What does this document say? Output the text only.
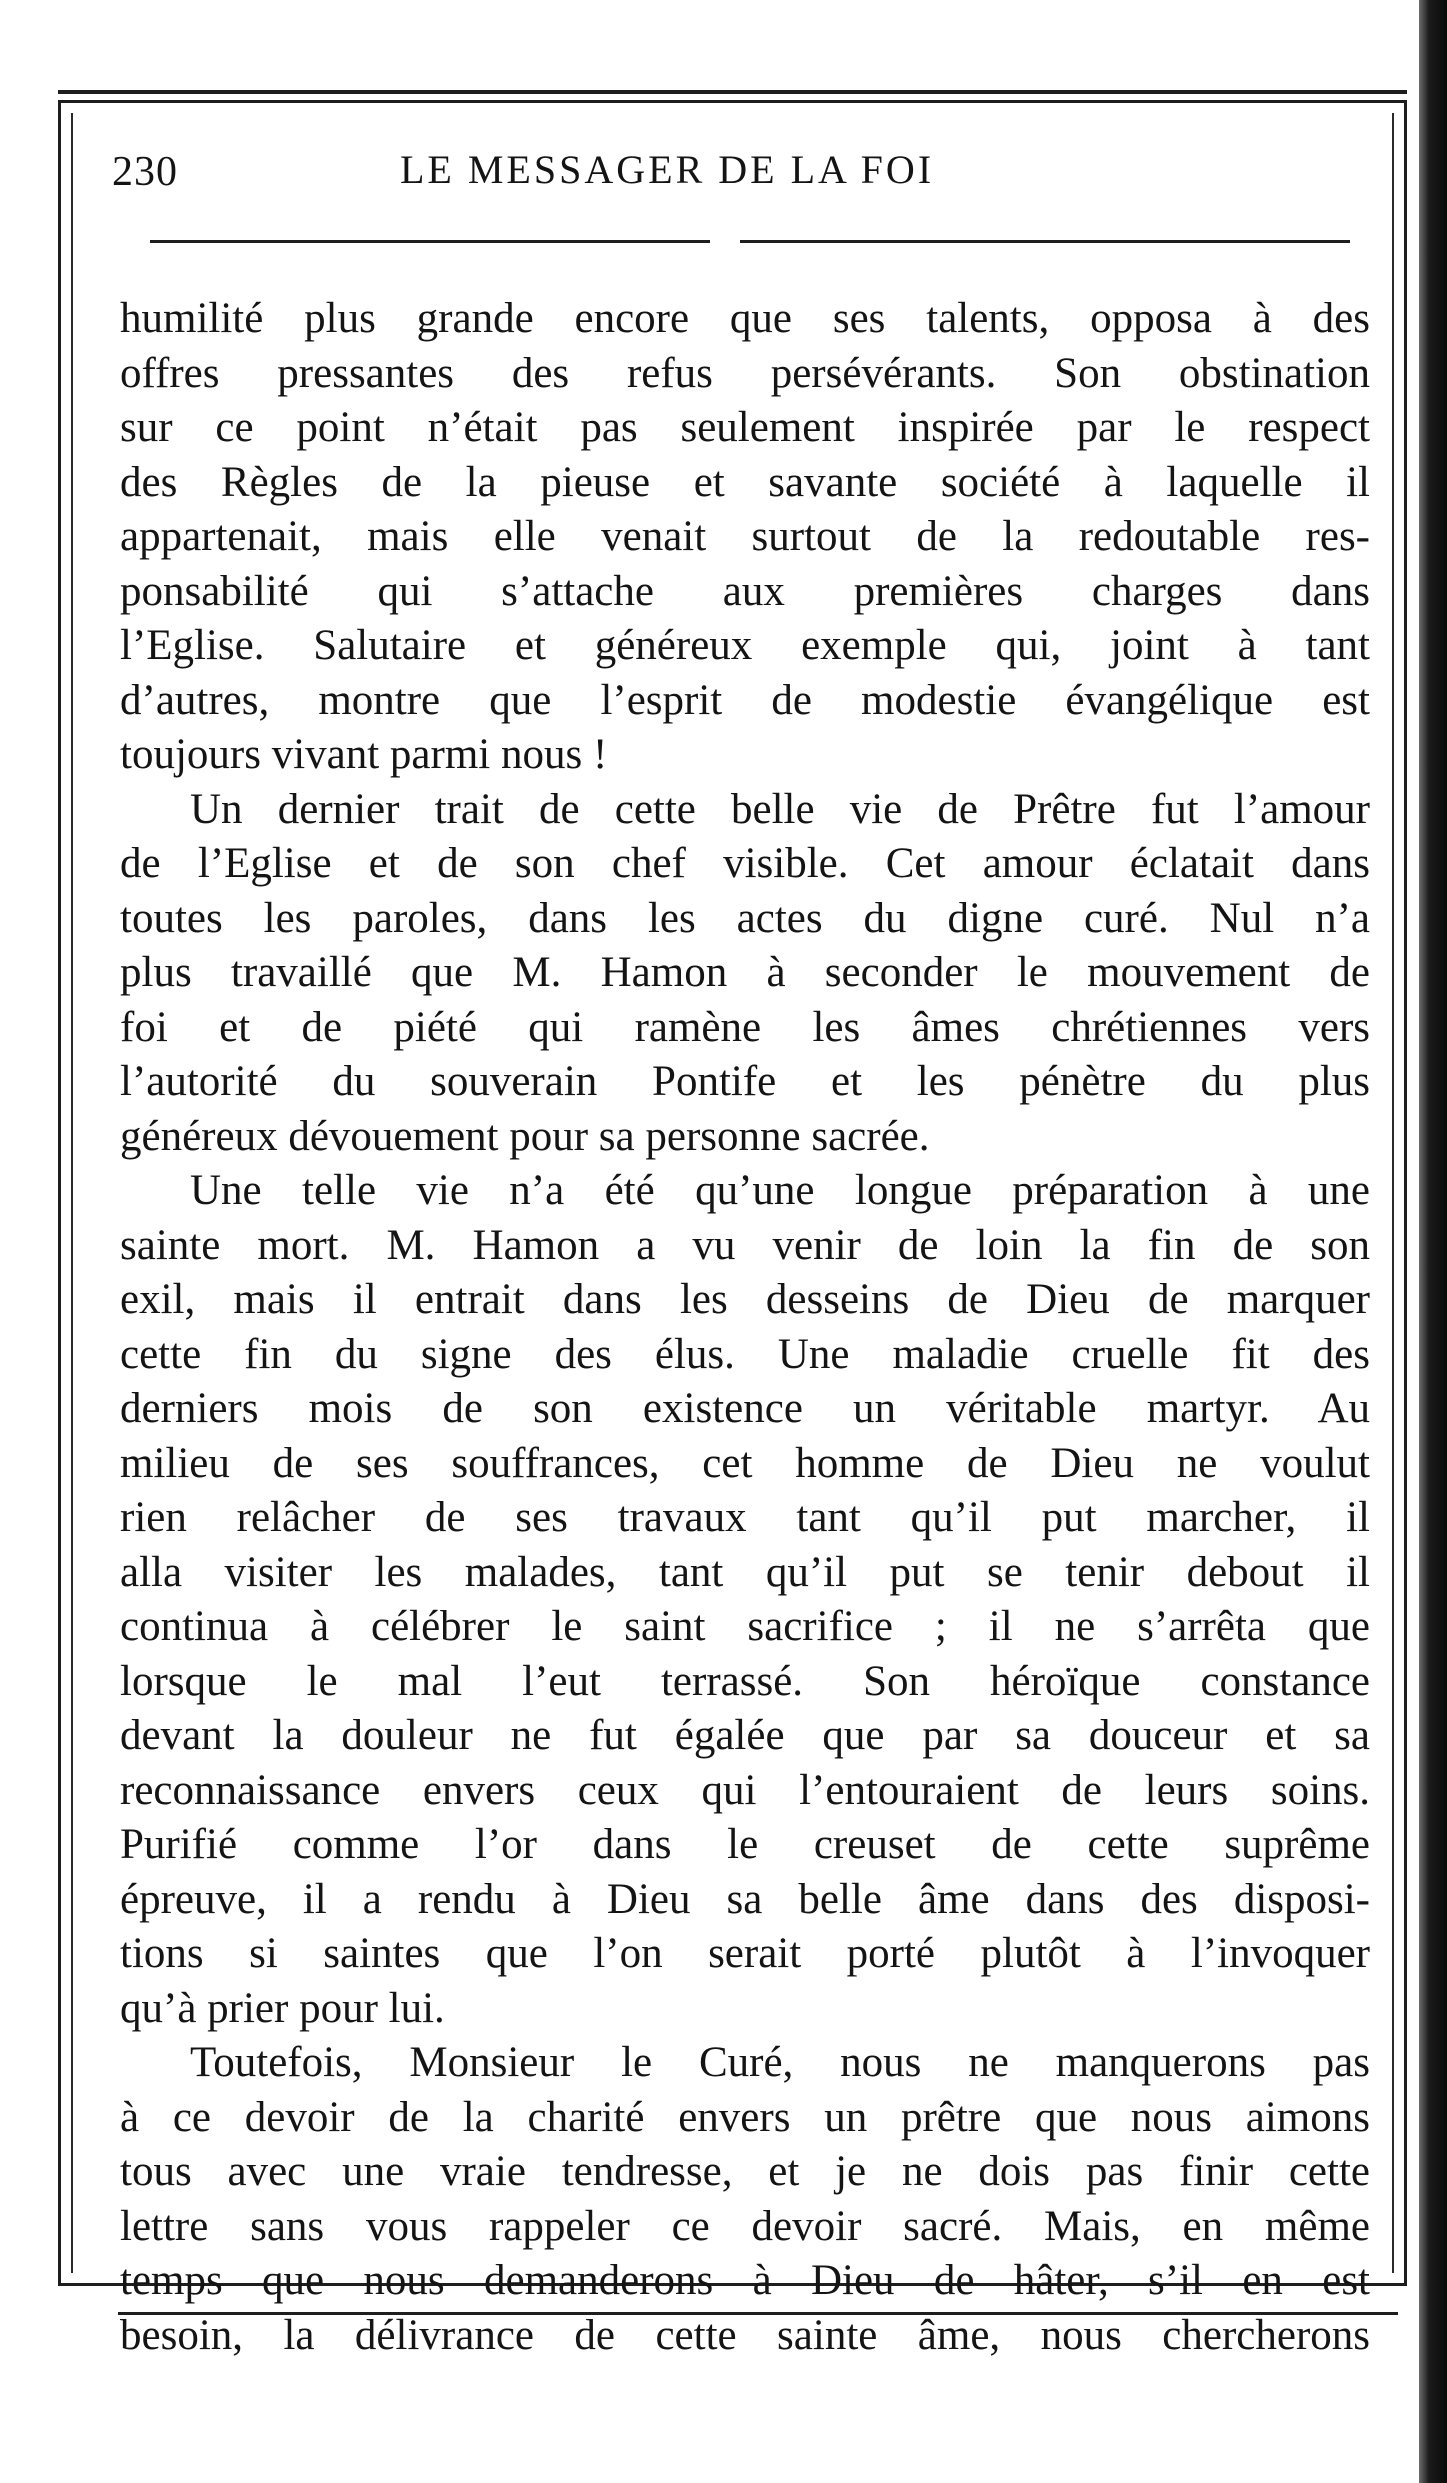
230	LE MESSAGER DE LA FOI
humilité plus grande encore que ses talents, opposa à des
offres pressantes des refus persévérants. Son obstination
sur ce point n’était pas seulement inspirée par le respect
des Règles de la pieuse et savante société à laquelle il
appartenait, mais elle venait surtout de la redoutable res-
ponsabilité qui s’attache aux premières charges dans
l’Eglise. Salutaire et généreux exemple qui, joint à tant
d’autres, montre que l’esprit de modestie évangélique est
toujours vivant parmi nous !
Un dernier trait de cette belle vie de Prêtre fut l’amour
de l’Eglise et de son chef visible. Cet amour éclatait dans
toutes les paroles, dans les actes du digne curé. Nul n’a
plus travaillé que M. Hamon à seconder le mouvement de
foi et de piété qui ramène les âmes chrétiennes vers
l’autorité du souverain Pontife et les pénètre du plus
généreux dévouement pour sa personne sacrée.
Une telle vie n’a été qu’une longue préparation à une
sainte mort. M. Hamon a vu venir de loin la fin de son
exil, mais il entrait dans les desseins de Dieu de marquer
cette fin du signe des élus. Une maladie cruelle fit des
derniers mois de son existence un véritable martyr. Au
milieu de ses souffrances, cet homme de Dieu ne voulut
rien relâcher de ses travaux tant qu’il put marcher, il
alla visiter les malades, tant qu’il put se tenir debout il
continua à célébrer le saint sacrifice ; il ne s’arrêta que
lorsque le mal l’eut terrassé. Son héroïque constance
devant la douleur ne fut égalée que par sa douceur et sa
reconnaissance envers ceux qui l’entouraient de leurs soins.
Purifié comme l’or dans le creuset de cette suprême
épreuve, il a rendu à Dieu sa belle âme dans des disposi-
tions si saintes que l’on serait porté plutôt à l’invoquer
qu’à prier pour lui.
Toutefois, Monsieur le Curé, nous ne manquerons pas
à ce devoir de la charité envers un prêtre que nous aimons
tous avec une vraie tendresse, et je ne dois pas finir cette
lettre sans vous rappeler ce devoir sacré. Mais, en même
temps que nous demanderons à Dieu de hâter, s’il en est
besoin, la délivrance de cette sainte âme, nous chercherons
